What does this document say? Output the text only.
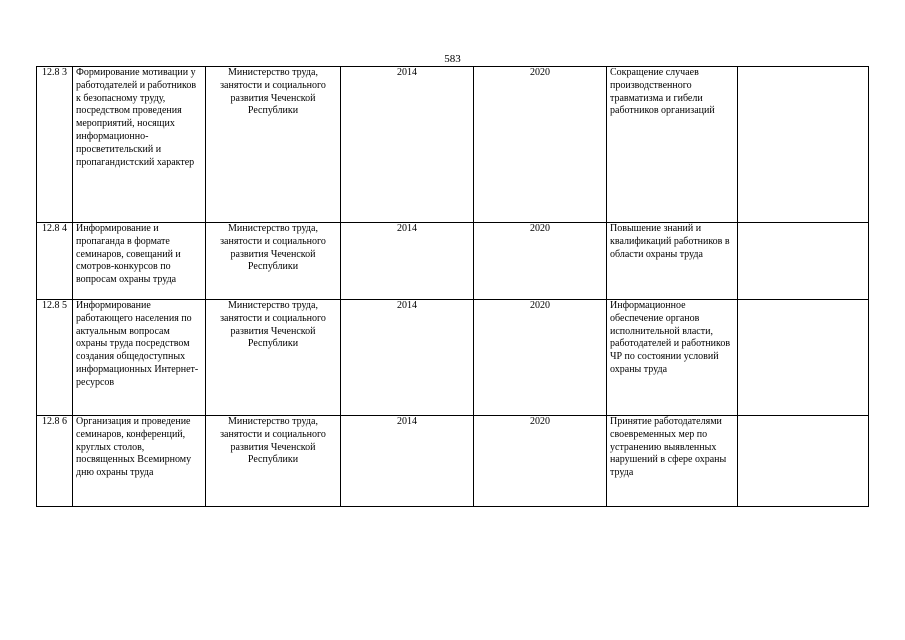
583
12.8 3	Формирование мотивации у работодателей и работников к безопасному труду, посредством проведения мероприятий, носящих информационно-просветительский и пропагандистский характер	Министерство труда, занятости и социального развития Чеченской Республики	2014	2020	Сокращение случаев производственного травматизма и гибели работников организаций	
12.8 4	Информирование и пропаганда в формате семинаров, совещаний и смотров-конкурсов по вопросам охраны труда	Министерство труда, занятости и социального развития Чеченской Республики	2014	2020	Повышение знаний и квалификаций работников в области охраны труда	
12.8 5	Информирование работающего населения по актуальным вопросам охраны труда посредством создания общедоступных информационных Интернет-ресурсов	Министерство труда, занятости и социального развития Чеченской Республики	2014	2020	Информационное обеспечение органов исполнительной власти, работодателей и работников ЧР по состоянии условий охраны труда	
12.8 6	Организация и проведение семинаров, конференций, круглых столов, посвященных Всемирному дню охраны труда	Министерство труда, занятости и социального развития Чеченской Республики	2014	2020	Принятие работодателями своевременных мер по устранению выявленных нарушений в сфере охраны труда	
